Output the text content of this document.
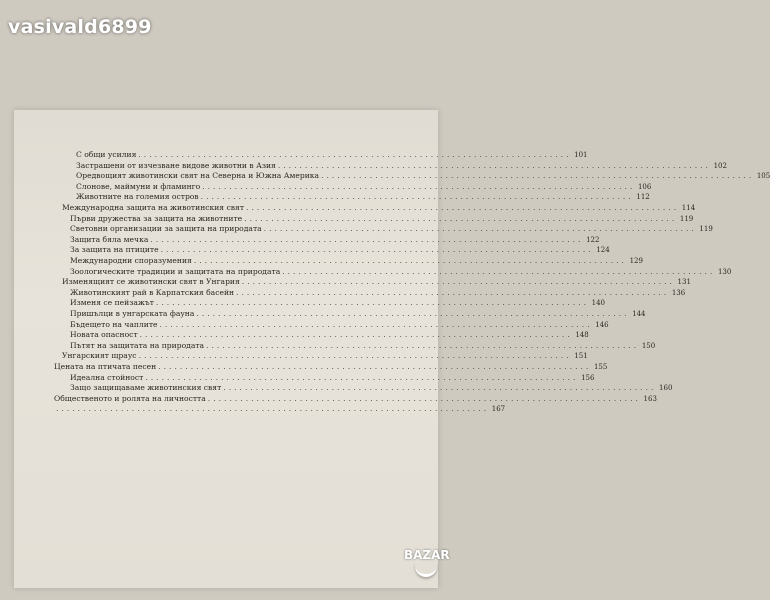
vasivald6899
С общи усилия ................................................................................ 101
Застрашени от изчезване видове животни в Азия ................................................................................ 102
Opeдвoщият животински свят на Севeрна и Южна Америка ................................................................................ 105
Слонове, маймуни и фламинго ................................................................................ 106
Животните на големия остров ................................................................................ 112
Международна защита на животинския свят ................................................................................ 114
Първи дружества за защита на животните ................................................................................ 119
Световни организации за защита на природата ................................................................................ 119
Защита бяла мечка ................................................................................ 122
За защита на птиците ................................................................................ 124
Международни споразумения ................................................................................ 129
Зоологическите традиции и защитата на природата ................................................................................ 130
Изменящият се животински свят в Унгария ................................................................................ 131
Животинският рай в Карпатския басейн ................................................................................ 136
Изменя се пейзажът ................................................................................ 140
Пришълци в унгарската фауна ................................................................................ 144
Бъдещето на чаплите ................................................................................ 146
Новата опасност ................................................................................ 148
Пътят на защитата на природата ................................................................................ 150
Унгарският щраус ................................................................................ 151
Цената на птичата песен ................................................................................ 155
Идеална стойност ................................................................................ 156
Защо защищаваме животинския свят ................................................................................ 160
Общественото и ролята на личността ................................................................................ 163
................................................................................ 167
BAZAR
